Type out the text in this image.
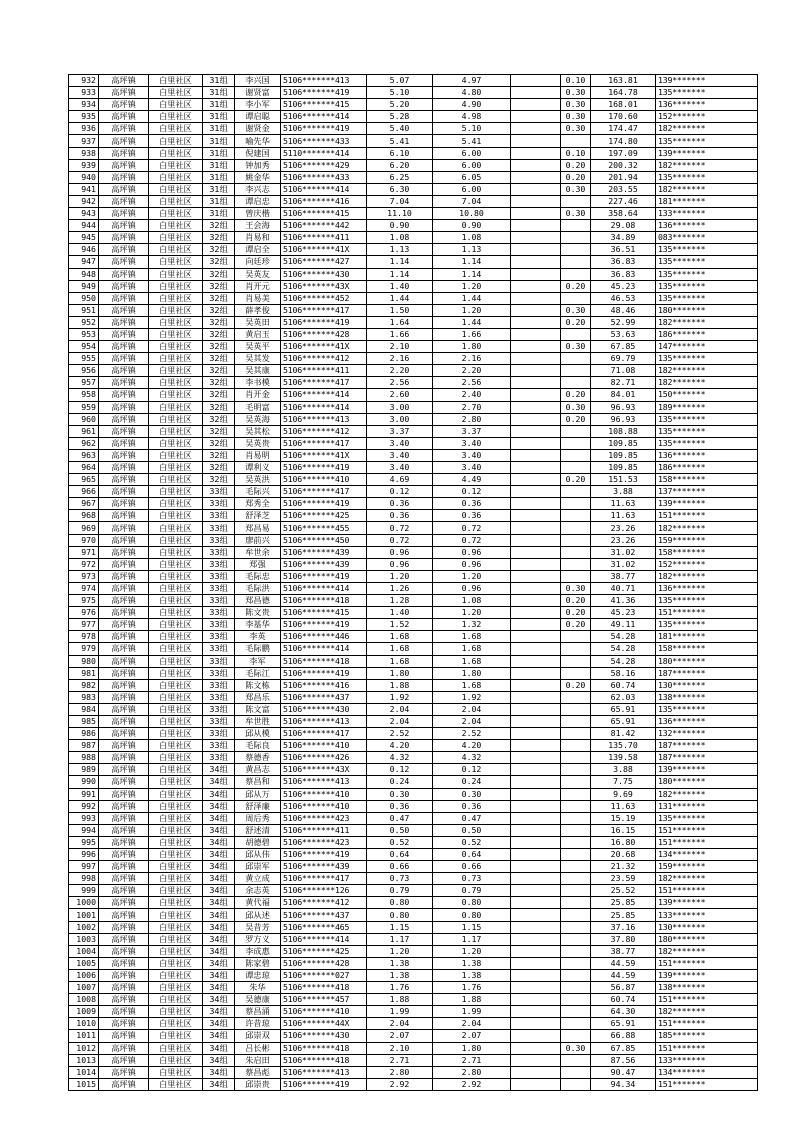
932	高坪镇	白里社区	31组	李兴国	5106*******413	5.07	4.97		0.10	163.81	139*******
933	高坪镇	白里社区	31组	谢贤富	5106*******419	5.10	4.80		0.30	164.78	135*******
934	高坪镇	白里社区	31组	李小军	5106*******415	5.20	4.90		0.30	168.01	136*******
935	高坪镇	白里社区	31组	谭启聪	5106*******414	5.28	4.98		0.30	170.60	152*******
936	高坪镇	白里社区	31组	谢贤金	5106*******419	5.40	5.10		0.30	174.47	182*******
937	高坪镇	白里社区	31组	喻先华	5106*******433	5.41	5.41			174.80	135*******
938	高坪镇	白里社区	31组	倪建国	5110*******414	6.10	6.00		0.10	197.09	139*******
939	高坪镇	白里社区	31组	钟加秀	5106*******429	6.20	6.00		0.20	200.32	182*******
940	高坪镇	白里社区	31组	姚金华	5106*******433	6.25	6.05		0.20	201.94	135*******
941	高坪镇	白里社区	31组	李兴志	5106*******414	6.30	6.00		0.30	203.55	182*******
942	高坪镇	白里社区	31组	谭启忠	5106*******416	7.04	7.04			227.46	181*******
943	高坪镇	白里社区	31组	曾庆楷	5106*******415	11.10	10.80		0.30	358.64	133*******
944	高坪镇	白里社区	32组	王会海	5106*******442	0.90	0.90			29.08	136*******
945	高坪镇	白里社区	32组	肖易和	5106*******411	1.08	1.08			34.89	083*******
946	高坪镇	白里社区	32组	谭启全	5106*******41X	1.13	1.13			36.51	135*******
947	高坪镇	白里社区	32组	向廷珍	5106*******427	1.14	1.14			36.83	135*******
948	高坪镇	白里社区	32组	吴英友	5106*******430	1.14	1.14			36.83	135*******
949	高坪镇	白里社区	32组	肖开元	5106*******43X	1.40	1.20		0.20	45.23	135*******
950	高坪镇	白里社区	32组	肖易美	5106*******452	1.44	1.44			46.53	135*******
951	高坪镇	白里社区	32组	薛孝俊	5106*******417	1.50	1.20		0.30	48.46	180*******
952	高坪镇	白里社区	32组	吴英田	5106*******419	1.64	1.44		0.20	52.99	182*******
953	高坪镇	白里社区	32组	黄启玉	5106*******428	1.66	1.66			53.63	186*******
954	高坪镇	白里社区	32组	吴英平	5106*******41X	2.10	1.80		0.30	67.85	147*******
955	高坪镇	白里社区	32组	吴其发	5106*******412	2.16	2.16			69.79	135*******
956	高坪镇	白里社区	32组	吴其康	5106*******411	2.20	2.20			71.08	182*******
957	高坪镇	白里社区	32组	李书模	5106*******417	2.56	2.56			82.71	182*******
958	高坪镇	白里社区	32组	肖开金	5106*******414	2.60	2.40		0.20	84.01	150*******
959	高坪镇	白里社区	32组	毛明富	5106*******414	3.00	2.70		0.30	96.93	189*******
960	高坪镇	白里社区	32组	吴英海	5106*******413	3.00	2.80		0.20	96.93	135*******
961	高坪镇	白里社区	32组	吴其松	5106*******412	3.37	3.37			108.88	135*******
962	高坪镇	白里社区	32组	吴英贵	5106*******417	3.40	3.40			109.85	135*******
963	高坪镇	白里社区	32组	肖易明	5106*******41X	3.40	3.40			109.85	136*******
964	高坪镇	白里社区	32组	谭利义	5106*******419	3.40	3.40			109.85	186*******
965	高坪镇	白里社区	32组	吴英洪	5106*******410	4.69	4.49		0.20	151.53	158*******
966	高坪镇	白里社区	33组	毛际兴	5106*******417	0.12	0.12			3.88	137*******
967	高坪镇	白里社区	33组	郑秀全	5106*******419	0.36	0.36			11.63	139*******
968	高坪镇	白里社区	33组	舒泽芝	5106*******425	0.36	0.36			11.63	151*******
969	高坪镇	白里社区	33组	郑昌易	5106*******455	0.72	0.72			23.26	182*******
970	高坪镇	白里社区	33组	廖前兴	5106*******450	0.72	0.72			23.26	159*******
971	高坪镇	白里社区	33组	牟世余	5106*******439	0.96	0.96			31.02	158*******
972	高坪镇	白里社区	33组	郑强	5106*******439	0.96	0.96			31.02	152*******
973	高坪镇	白里社区	33组	毛际忠	5106*******419	1.20	1.20			38.77	182*******
974	高坪镇	白里社区	33组	毛际洪	5106*******414	1.26	0.96		0.30	40.71	136*******
975	高坪镇	白里社区	33组	郑昌德	5106*******418	1.28	1.08		0.20	41.36	135*******
976	高坪镇	白里社区	33组	陈文贵	5106*******415	1.40	1.20		0.20	45.23	151*******
977	高坪镇	白里社区	33组	李基华	5106*******419	1.52	1.32		0.20	49.11	135*******
978	高坪镇	白里社区	33组	李英	5106*******446	1.68	1.68			54.28	181*******
979	高坪镇	白里社区	33组	毛际鹏	5106*******414	1.68	1.68			54.28	158*******
980	高坪镇	白里社区	33组	李军	5106*******418	1.68	1.68			54.28	180*******
981	高坪镇	白里社区	33组	毛际江	5106*******419	1.80	1.80			58.16	187*******
982	高坪镇	白里社区	33组	陈文栋	5106*******416	1.88	1.68		0.20	60.74	130*******
983	高坪镇	白里社区	33组	郑昌乐	5106*******437	1.92	1.92			62.03	138*******
984	高坪镇	白里社区	33组	陈文富	5106*******430	2.04	2.04			65.91	135*******
985	高坪镇	白里社区	33组	牟世胜	5106*******413	2.04	2.04			65.91	136*******
986	高坪镇	白里社区	33组	邱从模	5106*******417	2.52	2.52			81.42	132*******
987	高坪镇	白里社区	33组	毛际良	5106*******410	4.20	4.20			135.70	187*******
988	高坪镇	白里社区	33组	蔡德香	5106*******426	4.32	4.32			139.58	187*******
989	高坪镇	白里社区	34组	黄昌志	5106*******43X	0.12	0.12			3.88	139*******
990	高坪镇	白里社区	34组	蔡昌和	5106*******413	0.24	0.24			7.75	180*******
991	高坪镇	白里社区	34组	邱从万	5106*******410	0.30	0.30			9.69	182*******
992	高坪镇	白里社区	34组	舒泽廉	5106*******410	0.36	0.36			11.63	131*******
993	高坪镇	白里社区	34组	周后秀	5106*******423	0.47	0.47			15.19	135*******
994	高坪镇	白里社区	34组	舒述清	5106*******411	0.50	0.50			16.15	151*******
995	高坪镇	白里社区	34组	胡德碧	5106*******423	0.52	0.52			16.80	151*******
996	高坪镇	白里社区	34组	邱从伟	5106*******419	0.64	0.64			20.68	134*******
997	高坪镇	白里社区	34组	邱崇军	5106*******439	0.66	0.66			21.32	159*******
998	高坪镇	白里社区	34组	黄立成	5106*******417	0.73	0.73			23.59	182*******
999	高坪镇	白里社区	34组	余志英	5106*******126	0.79	0.79			25.52	151*******
1000	高坪镇	白里社区	34组	黄代福	5106*******412	0.80	0.80			25.85	139*******
1001	高坪镇	白里社区	34组	邱从述	5106*******437	0.80	0.80			25.85	133*******
1002	高坪镇	白里社区	34组	吴昔芳	5106*******465	1.15	1.15			37.16	130*******
1003	高坪镇	白里社区	34组	罗方义	5106*******414	1.17	1.17			37.80	180*******
1004	高坪镇	白里社区	34组	李成惠	5106*******425	1.20	1.20			38.77	182*******
1005	高坪镇	白里社区	34组	陈家碧	5106*******428	1.38	1.38			44.59	151*******
1006	高坪镇	白里社区	34组	谭忠琼	5106*******027	1.38	1.38			44.59	139*******
1007	高坪镇	白里社区	34组	朱华	5106*******418	1.76	1.76			56.87	138*******
1008	高坪镇	白里社区	34组	吴德康	5106*******457	1.88	1.88			60.74	151*******
1009	高坪镇	白里社区	34组	蔡昌涌	5106*******410	1.99	1.99			64.30	182*******
1010	高坪镇	白里社区	34组	许昔琼	5106*******44X	2.04	2.04			65.91	151*******
1011	高坪镇	白里社区	34组	邱崇双	5106*******430	2.07	2.07			66.88	185*******
1012	高坪镇	白里社区	34组	吕长彬	5106*******418	2.10	1.80		0.30	67.85	151*******
1013	高坪镇	白里社区	34组	朱启田	5106*******418	2.71	2.71			87.56	133*******
1014	高坪镇	白里社区	34组	蔡昌彪	5106*******413	2.80	2.80			90.47	134*******
1015	高坪镇	白里社区	34组	邱崇贵	5106*******419	2.92	2.92			94.34	151*******
